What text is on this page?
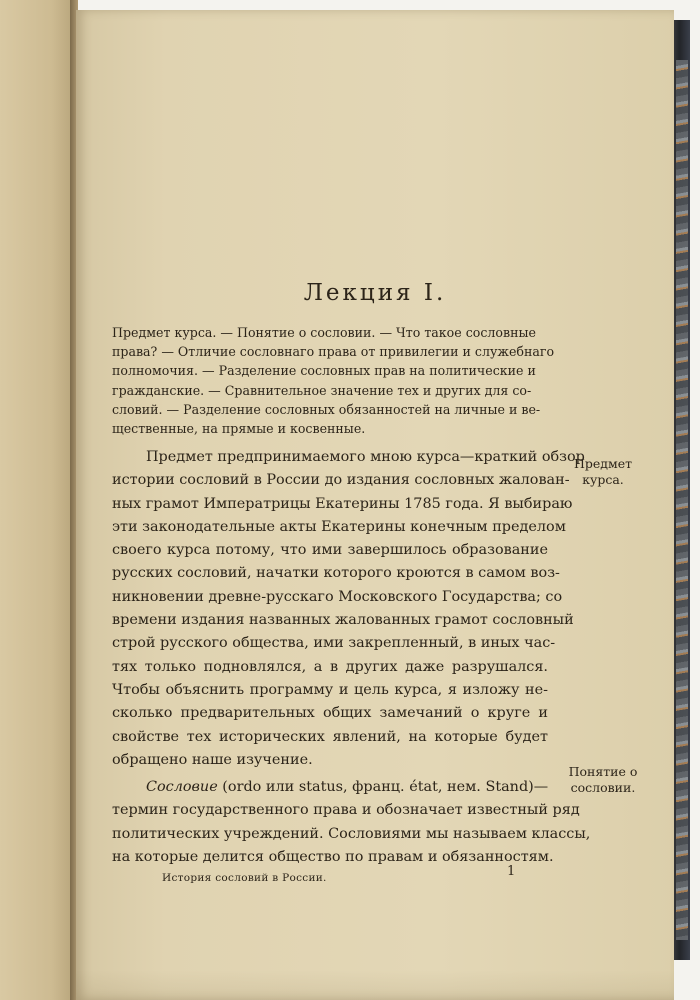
Лекция I.
Предмет курса. — Понятие о сословии. — Что такое сословные
права? — Отличие сословнаго права от привилегии и служебнаго
полномочия. — Разделение сословных прав на политические и
гражданские. — Сравнительное значение тех и других для со-
словий. — Разделение сословных обязанностей на личные и ве-
щественные, на прямые и косвенные.
Предмет предпринимаемого мною курса—краткий обзор
истории сословий в России до издания сословных жалован-
ных грамот Императрицы Екатерины 1785 года. Я выбираю
эти законодательные акты Екатерины конечным пределом
своего курса потому, что ими завершилось образование
русских сословий, начатки которого кроются в самом воз-
никновении древне-русскаго Московского Государства; со
времени издания названных жалованных грамот сословный
строй русского общества, ими закрепленный, в иных час-
тях только подновлялся, а в других даже разрушался.
Чтобы объяснить программу и цель курса, я изложу не-
сколько предварительных общих замечаний о круге и
свойстве тех исторических явлений, на которые будет
обращено наше изучение.
Сословие (ordo или status, франц. état, нем. Stand)—
термин государственного права и обозначает известный ряд
политических учреждений. Сословиями мы называем классы,
на которые делится общество по правам и обязанностям.
Предмет
курса.
Понятие о
сословии.
История сословий в России.	1
